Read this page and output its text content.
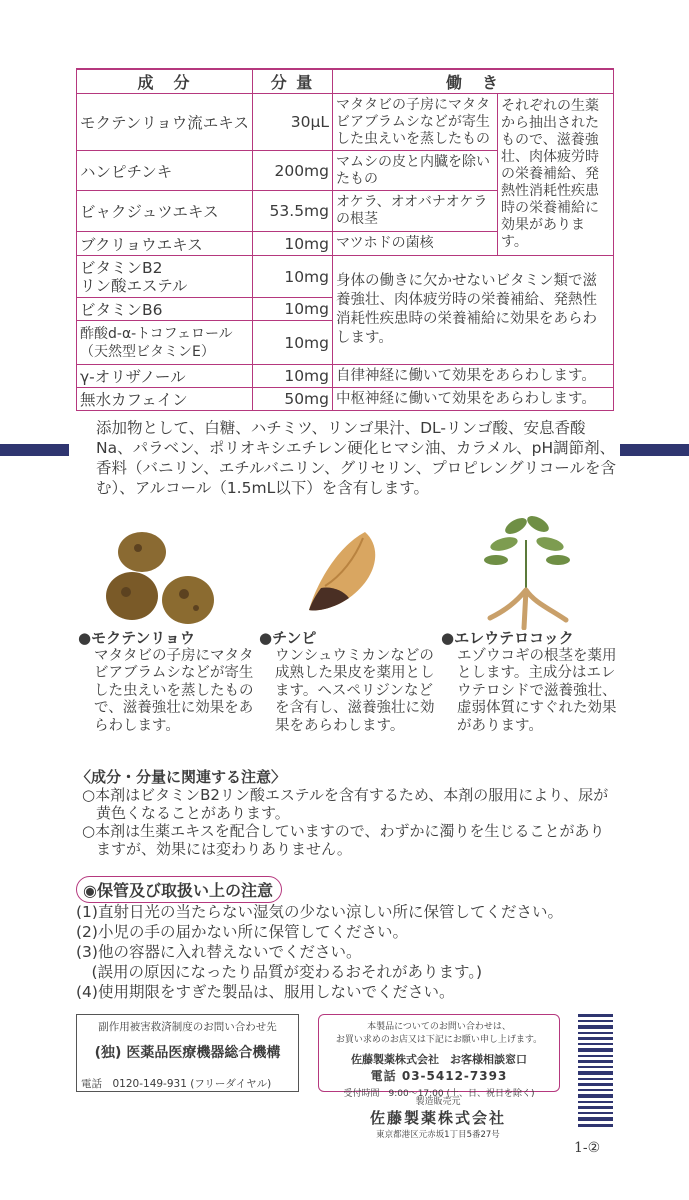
成　分	分 量	働　き	
モクテンリョウ流エキス	30μL	マタタビの子房にマタタビアブラムシなどが寄生した虫えいを蒸したもの	それぞれの生薬から抽出されたもので、滋養強壮、肉体疲労時の栄養補給、発熱性消耗性疾患時の栄養補給に効果があります。
ハンピチンキ	200mg	マムシの皮と内臓を除いたもの	
ビャクジュツエキス	53.5mg	オケラ、オオバナオケラの根茎	
ブクリョウエキス	10mg	マツホドの菌核	
ビタミンB2
リン酸エステル	10mg	身体の働きに欠かせないビタミン類で滋養強壮、肉体疲労時の栄養補給、発熱性消耗性疾患時の栄養補給に効果をあらわします。	
ビタミンB6	10mg		
酢酸d-α-トコフェロール
（天然型ビタミンE）	10mg		
γ-オリザノール	10mg	自律神経に働いて効果をあらわします。	
無水カフェイン	50mg	中枢神経に働いて効果をあらわします。	
添加物として、白糖、ハチミツ、リンゴ果汁、DL-リンゴ酸、安息香酸Na、パラベン、ポリオキシエチレン硬化ヒマシ油、カラメル、pH調節剤、香料（バニリン、エチルバニリン、グリセリン、プロピレングリコールを含む）、アルコール（1.5mL以下）を含有します。
●モクテンリョウ
マタタビの子房にマタタビアブラムシなどが寄生した虫えいを蒸したもので、滋養強壮に効果をあらわします。
●チンピ
ウンシュウミカンなどの成熟した果皮を薬用とします。ヘスペリジンなどを含有し、滋養強壮に効果をあらわします。
●エレウテロコック
エゾウコギの根茎を薬用とします。主成分はエレウテロシドで滋養強壮、虚弱体質にすぐれた効果があります。
〈成分・分量に関連する注意〉
○本剤はビタミンB2リン酸エステルを含有するため、本剤の服用により、尿が黄色くなることがあります。
○本剤は生薬エキスを配合していますので、わずかに濁りを生じることがありますが、効果には変わりありません。
◉保管及び取扱い上の注意
(1)直射日光の当たらない湿気の少ない涼しい所に保管してください。
(2)小児の手の届かない所に保管してください。
(3)他の容器に入れ替えないでください。
　(誤用の原因になったり品質が変わるおそれがあります。)
(4)使用期限をすぎた製品は、服用しないでください。
副作用被害救済制度のお問い合わせ先
(独) 医薬品医療機器総合機構
電話　0120-149-931 (フリーダイヤル)
本製品についてのお問い合わせは、
お買い求めのお店又は下記にお願い申し上げます。
佐藤製薬株式会社　お客様相談窓口
電話 03-5412-7393
受付時間　9:00〜17:00 (土、日、祝日を除く)
製造販売元
佐藤製薬株式会社
東京都港区元赤坂1丁目5番27号
1-②
